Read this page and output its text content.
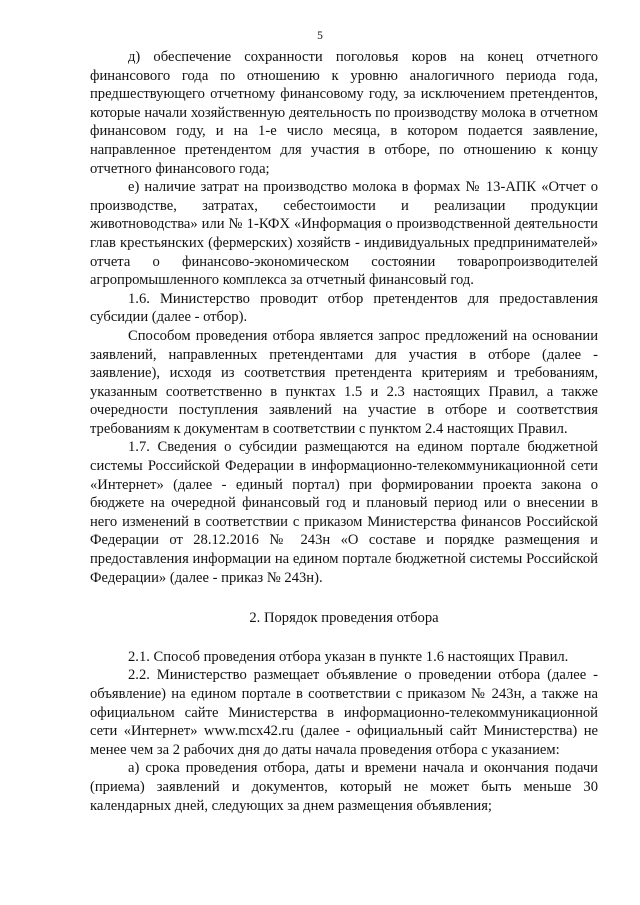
5

д) обеспечение сохранности поголовья коров на конец отчетного финансового года по отношению к уровню аналогичного периода года, предшествующего отчетному финансовому году, за исключением претендентов, которые начали хозяйственную деятельность по производству молока в отчетном финансовом году, и на 1-е число месяца, в котором подается заявление, направленное претендентом для участия в отборе, по отношению к концу отчетного финансового года;

е) наличие затрат на производство молока в формах № 13-АПК «Отчет о производстве, затратах, себестоимости и реализации продукции животноводства» или № 1-КФХ «Информация о производственной деятельности глав крестьянских (фермерских) хозяйств - индивидуальных предпринимателей» отчета о финансово-экономическом состоянии товаропроизводителей агропромышленного комплекса за отчетный финансовый год.

1.6. Министерство проводит отбор претендентов для предоставления субсидии (далее - отбор).

Способом проведения отбора является запрос предложений на основании заявлений, направленных претендентами для участия в отборе (далее - заявление), исходя из соответствия претендента критериям и требованиям, указанным соответственно в пунктах 1.5 и 2.3 настоящих Правил, а также очередности поступления заявлений на участие в отборе и соответствия требованиям к документам в соответствии с пунктом 2.4 настоящих Правил.

1.7. Сведения о субсидии размещаются на едином портале бюджетной системы Российской Федерации в информационно-телекоммуникационной сети «Интернет» (далее - единый портал) при формировании проекта закона о бюджете на очередной финансовый год и плановый период или о внесении в него изменений в соответствии с приказом Министерства финансов Российской Федерации от 28.12.2016 № 243н «О составе и порядке размещения и предоставления информации на едином портале бюджетной системы Российской Федерации» (далее - приказ № 243н).

2. Порядок проведения отбора

2.1. Способ проведения отбора указан в пункте 1.6 настоящих Правил.

2.2. Министерство размещает объявление о проведении отбора (далее - объявление) на едином портале в соответствии с приказом № 243н, а также на официальном сайте Министерства в информационно-телекоммуникационной сети «Интернет» www.mcx42.ru (далее - официальный сайт Министерства) не менее чем за 2 рабочих дня до даты начала проведения отбора с указанием:

а) срока проведения отбора, даты и времени начала и окончания подачи (приема) заявлений и документов, который не может быть меньше 30 календарных дней, следующих за днем размещения объявления;
